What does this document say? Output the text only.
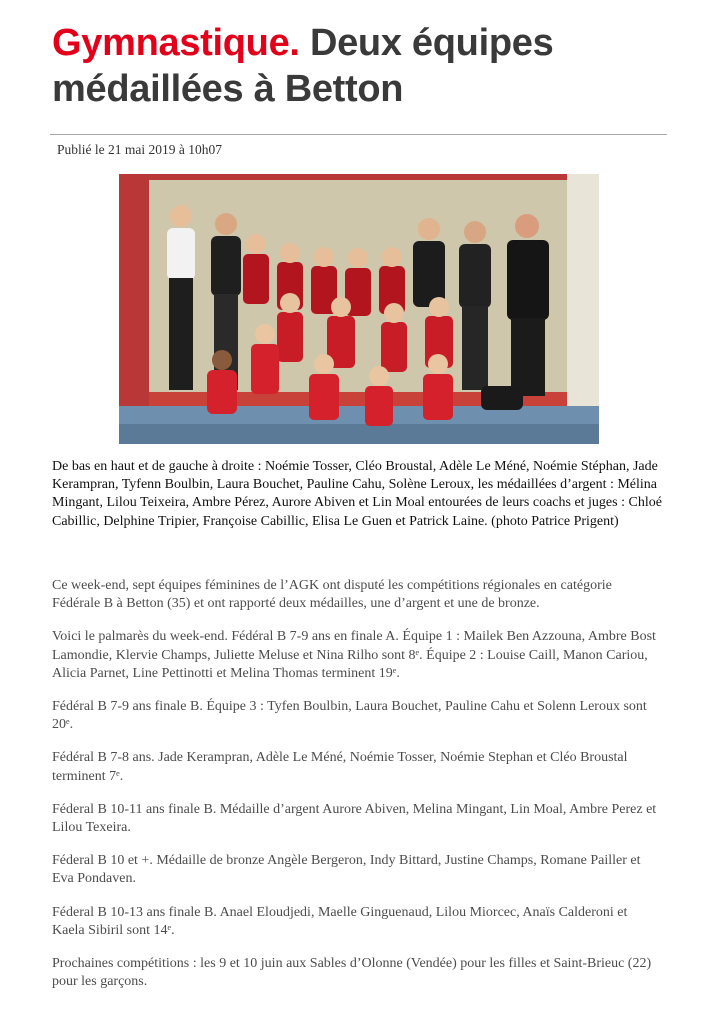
Gymnastique. Deux équipes médaillées à Betton
Publié le 21 mai 2019 à 10h07

De bas en haut et de gauche à droite : Noémie Tosser, Cléo Broustal, Adèle Le Méné, Noémie Stéphan, Jade Kerampran, Tyfenn Boulbin, Laura Bouchet, Pauline Cahu, Solène Leroux, les médaillées d’argent : Mélina Mingant, Lilou Teixeira, Ambre Pérez, Aurore Abiven et Lin Moal entourées de leurs coachs et juges : Chloé Cabillic, Delphine Tripier, Françoise Cabillic, Elisa Le Guen et Patrick Laine. (photo Patrice Prigent)

Ce week-end, sept équipes féminines de l’AGK ont disputé les compétitions régionales en catégorie Fédérale B à Betton (35) et ont rapporté deux médailles, une d’argent et une de bronze.

Voici le palmarès du week-end. Fédéral B 7-9 ans en finale A. Équipe 1 : Mailek Ben Azzouna, Ambre Bost Lamondie, Klervie Champs, Juliette Meluse et Nina Rilho sont 8ᵉ. Équipe 2 : Louise Caill, Manon Cariou, Alicia Parnet, Line Pettinotti et Melina Thomas terminent 19ᵉ.

Fédéral B 7-9 ans finale B. Équipe 3 : Tyfen Boulbin, Laura Bouchet, Pauline Cahu et Solenn Leroux sont 20ᵉ.

Fédéral B 7-8 ans. Jade Kerampran, Adèle Le Méné, Noémie Tosser, Noémie Stephan et Cléo Broustal terminent 7ᵉ.

Féderal B 10-11 ans finale B. Médaille d’argent Aurore Abiven, Melina Mingant, Lin Moal, Ambre Perez et Lilou Texeira.

Féderal B 10 et +. Médaille de bronze Angèle Bergeron, Indy Bittard, Justine Champs, Romane Pailler et Eva Pondaven.

Féderal B 10-13 ans finale B. Anael Eloudjedi, Maelle Ginguenaud, Lilou Miorcec, Anaïs Calderoni et Kaela Sibiril sont 14ᵉ.

Prochaines compétitions : les 9 et 10 juin aux Sables d’Olonne (Vendée) pour les filles et Saint-Brieuc (22) pour les garçons.
